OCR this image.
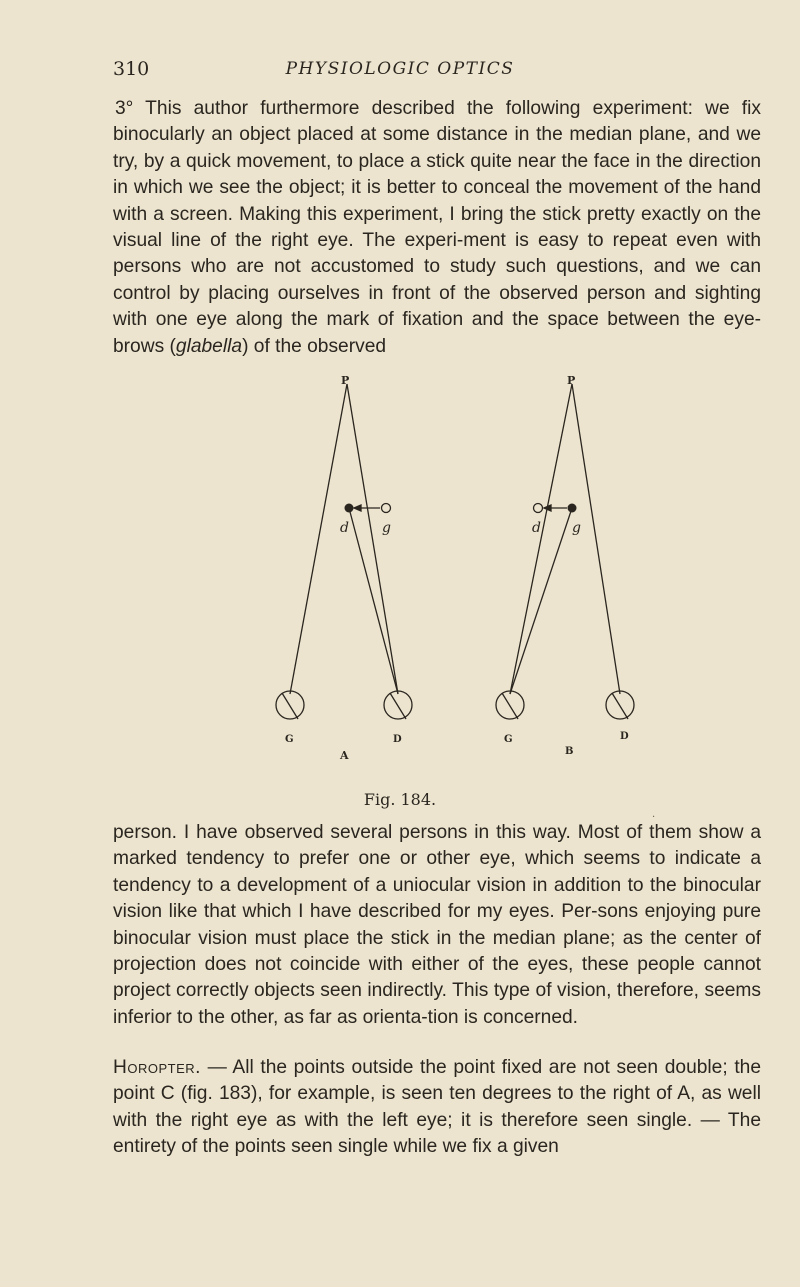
310	PHYSIOLOGIC OPTICS

3° This author furthermore described the following experiment: we fix binocularly an object placed at some distance in the median plane, and we try, by a quick movement, to place a stick quite near the face in the direction in which we see the object; it is better to conceal the movement of the hand with a screen. Making this experiment, I bring the stick pretty exactly on the visual line of the right eye. The experi-ment is easy to repeat even with persons who are not accustomed to study such questions, and we can control by placing ourselves in front of the observed person and sighting with one eye along the mark of fixation and the space between the eye-brows (glabella) of the observed

P
d g
G	D
A
P
d g
G	D
B
Fig. 184.
·

person. I have observed several persons in this way. Most of them show a marked tendency to prefer one or other eye, which seems to indicate a tendency to a development of a uniocular vision in addition to the binocular vision like that which I have described for my eyes. Per-sons enjoying pure binocular vision must place the stick in the median plane; as the center of projection does not coincide with either of the eyes, these people cannot project correctly objects seen indirectly. This type of vision, therefore, seems inferior to the other, as far as orienta-tion is concerned.

Horopter. — All the points outside the point fixed are not seen double; the point C (fig. 183), for example, is seen ten degrees to the right of A, as well with the right eye as with the left eye; it is therefore seen single. — The entirety of the points seen single while we fix a given
